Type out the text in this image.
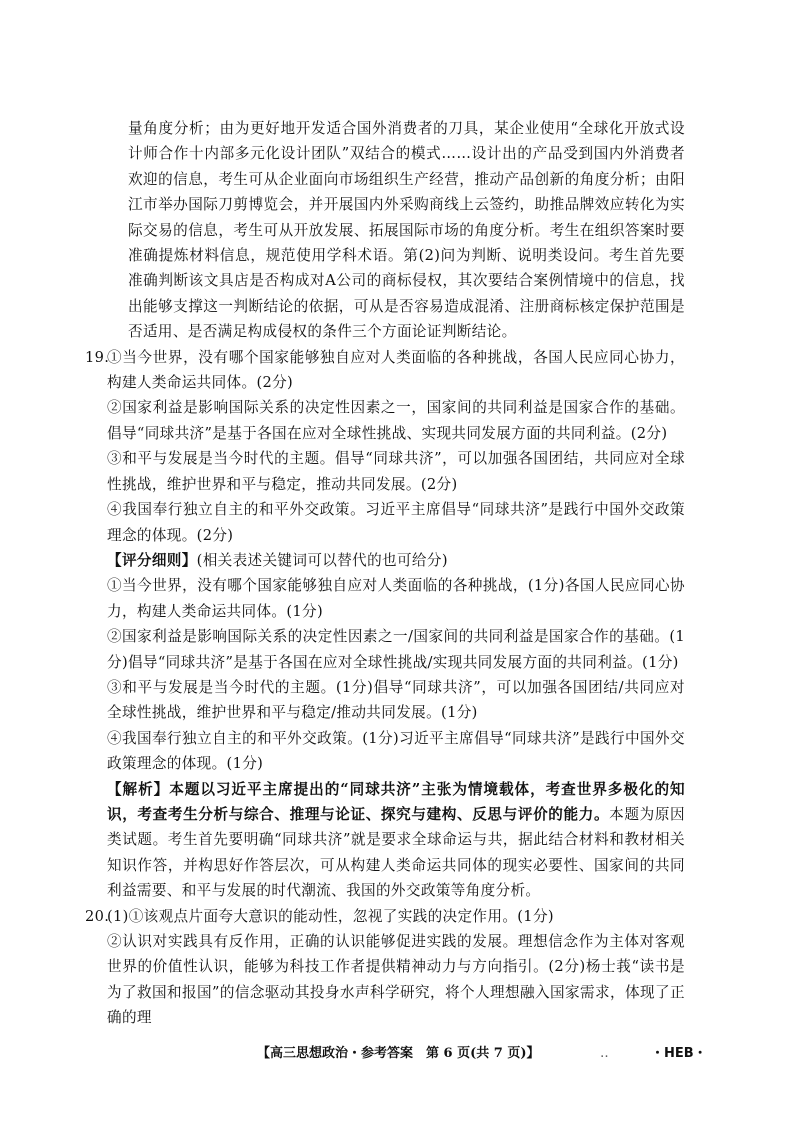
量角度分析；由为更好地开发适合国外消费者的刀具，某企业使用“全球化开放式设计师合作十内部多元化设计团队”双结合的模式……设计出的产品受到国内外消费者欢迎的信息，考生可从企业面向市场组织生产经营，推动产品创新的角度分析；由阳江市举办国际刀剪博览会，并开展国内外采购商线上云签约，助推品牌效应转化为实际交易的信息，考生可从开放发展、拓展国际市场的角度分析。考生在组织答案时要准确提炼材料信息，规范使用学科术语。第(2)问为判断、说明类设问。考生首先要准确判断该文具店是否构成对A公司的商标侵权，其次要结合案例情境中的信息，找出能够支撑这一判断结论的依据，可从是否容易造成混淆、注册商标核定保护范围是否适用、是否满足构成侵权的条件三个方面论证判断结论。
19.
①当今世界，没有哪个国家能够独自应对人类面临的各种挑战，各国人民应同心协力，构建人类命运共同体。(2分)
②国家利益是影响国际关系的决定性因素之一，国家间的共同利益是国家合作的基础。倡导“同球共济”是基于各国在应对全球性挑战、实现共同发展方面的共同利益。(2分)
③和平与发展是当今时代的主题。倡导“同球共济”，可以加强各国团结，共同应对全球性挑战，维护世界和平与稳定，推动共同发展。(2分)
④我国奉行独立自主的和平外交政策。习近平主席倡导“同球共济”是践行中国外交政策理念的体现。(2分)
【评分细则】(相关表述关键词可以替代的也可给分)
①当今世界，没有哪个国家能够独自应对人类面临的各种挑战，(1分)各国人民应同心协力，构建人类命运共同体。(1分)
②国家利益是影响国际关系的决定性因素之一/国家间的共同利益是国家合作的基础。(1分)倡导“同球共济”是基于各国在应对全球性挑战/实现共同发展方面的共同利益。(1分)
③和平与发展是当今时代的主题。(1分)倡导“同球共济”，可以加强各国团结/共同应对全球性挑战，维护世界和平与稳定/推动共同发展。(1分)
④我国奉行独立自主的和平外交政策。(1分)习近平主席倡导“同球共济”是践行中国外交政策理念的体现。(1分)
【解析】本题以习近平主席提出的“同球共济”主张为情境载体，考查世界多极化的知识，考查考生分析与综合、推理与论证、探究与建构、反思与评价的能力。本题为原因类试题。考生首先要明确“同球共济”就是要求全球命运与共，据此结合材料和教材相关知识作答，并构思好作答层次，可从构建人类命运共同体的现实必要性、国家间的共同利益需要、和平与发展的时代潮流、我国的外交政策等角度分析。
20.
(1)①该观点片面夸大意识的能动性，忽视了实践的决定作用。(1分)
②认识对实践具有反作用，正确的认识能够促进实践的发展。理想信念作为主体对客观世界的价值性认识，能够为科技工作者提供精神动力与方向指引。(2分)杨士莪“读书是为了救国和报国”的信念驱动其投身水声科学研究，将个人理想融入国家需求，体现了正确的理
【高三思想政治・参考答案　第 6 页(共 7 页)】	‥	・HEB・
